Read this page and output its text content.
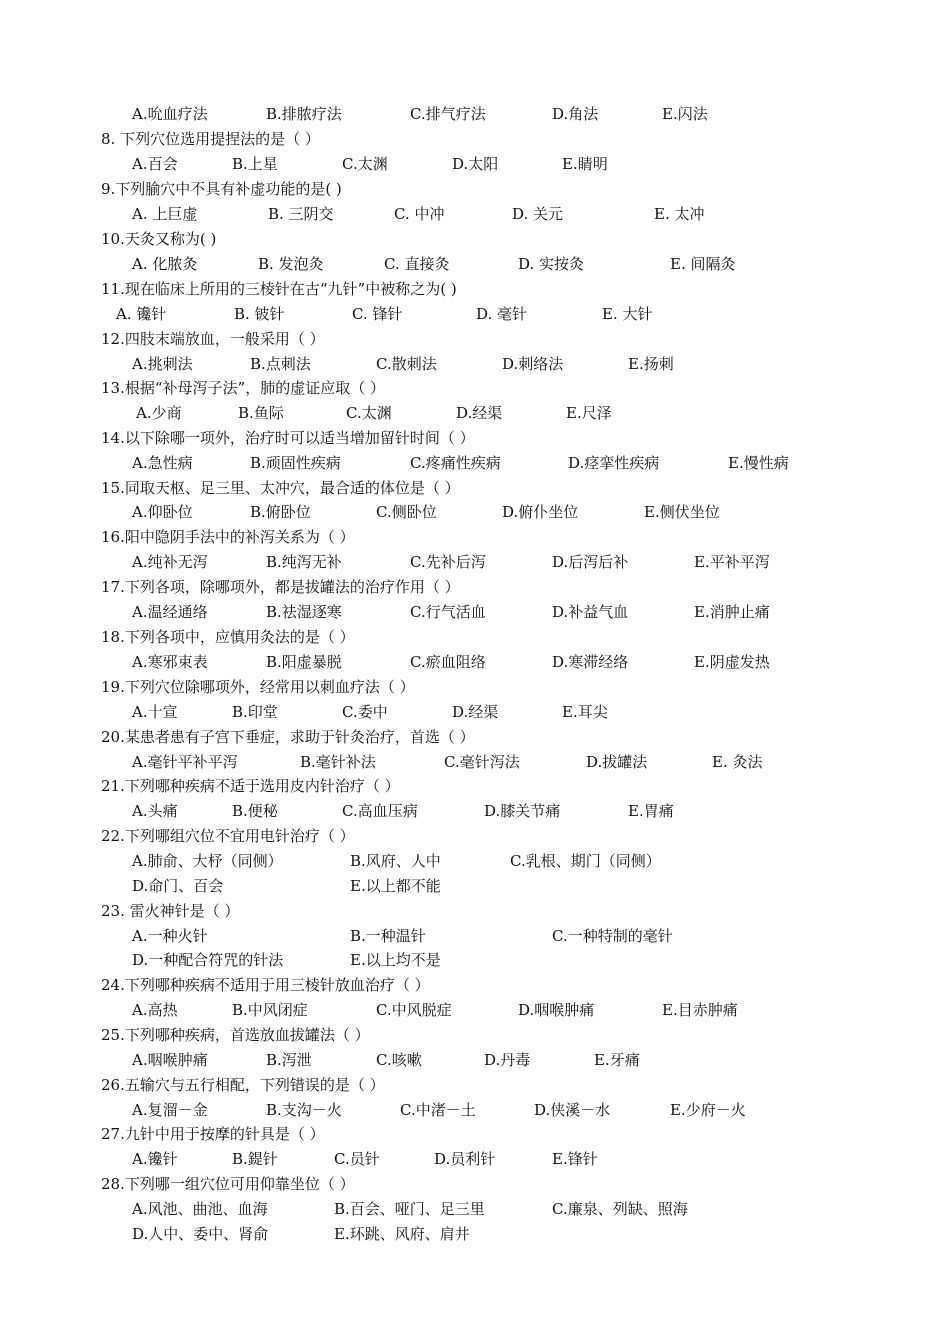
A.吮血疗法	B.排脓疗法	C.排气疗法	D.角法	E.闪法
8. 下列穴位选用提捏法的是（ ）
A.百会	B.上星	C.太渊	D.太阳	E.睛明
9.下列腧穴中不具有补虚功能的是( )
A. 上巨虚	B. 三阴交	C. 中冲	D. 关元	E. 太冲
10.天灸又称为( )
A. 化脓灸	B. 发泡灸	C. 直接灸	D. 实按灸	E. 间隔灸
11.现在临床上所用的三棱针在古“九针”中被称之为( )
A. 镵针	B. 铍针	C. 锋针	D. 毫针	E. 大针
12.四肢末端放血，一般采用（ ）
A.挑刺法	B.点刺法	C.散刺法	D.刺络法	E.扬刺
13.根据“补母泻子法”，肺的虚证应取（ ）
A.少商	B.鱼际	C.太渊	D.经渠	E.尺泽
14.以下除哪一项外，治疗时可以适当增加留针时间（ ）
A.急性病	B.顽固性疾病	C.疼痛性疾病	D.痉挛性疾病	E.慢性病
15.同取天枢、足三里、太冲穴，最合适的体位是（ ）
A.仰卧位	B.俯卧位	C.侧卧位	D.俯仆坐位	E.侧伏坐位
16.阳中隐阴手法中的补泻关系为（ ）
A.纯补无泻	B.纯泻无补	C.先补后泻	D.后泻后补	E.平补平泻
17.下列各项，除哪项外，都是拔罐法的治疗作用（ ）
A.温经通络	B.祛湿逐寒	C.行气活血	D.补益气血	E.消肿止痛
18.下列各项中，应慎用灸法的是（ ）
A.寒邪束表	B.阳虚暴脱	C.瘀血阻络	D.寒滞经络	E.阴虚发热
19.下列穴位除哪项外，经常用以刺血疗法（ ）
A.十宣	B.印堂	C.委中	D.经渠	E.耳尖
20.某患者患有子宫下垂症，求助于针灸治疗，首选（ ）
A.毫针平补平泻	B.毫针补法	C.毫针泻法	D.拔罐法	E. 灸法
21.下列哪种疾病不适于选用皮内针治疗（ ）
A.头痛	B.便秘	C.高血压病	D.膝关节痛	E.胃痛
22.下列哪组穴位不宜用电针治疗（ ）
A.肺俞、大杼（同侧）	B.风府、人中	C.乳根、期门（同侧）
D.命门、百会	E.以上都不能
23. 雷火神针是（ ）
A.一种火针	B.一种温针	C.一种特制的毫针
D.一种配合符咒的针法	E.以上均不是
24.下列哪种疾病不适用于用三棱针放血治疗（ ）
A.高热	B.中风闭症	C.中风脱症	D.咽喉肿痛	E.目赤肿痛
25.下列哪种疾病，首选放血拔罐法（ ）
A.咽喉肿痛	B.泻泄	C.咳嗽	D.丹毒	E.牙痛
26.五输穴与五行相配，下列错误的是（ ）
A.复溜－金	B.支沟－火	C.中渚－土	D.侠溪－水	E.少府－火
27.九针中用于按摩的针具是（ ）
A.镵针	B.鍉针	C.员针	D.员利针	E.锋针
28.下列哪一组穴位可用仰靠坐位（ ）
A.风池、曲池、血海	B.百会、哑门、足三里	C.廉泉、列缺、照海
D.人中、委中、肾俞	E.环跳、风府、肩井
